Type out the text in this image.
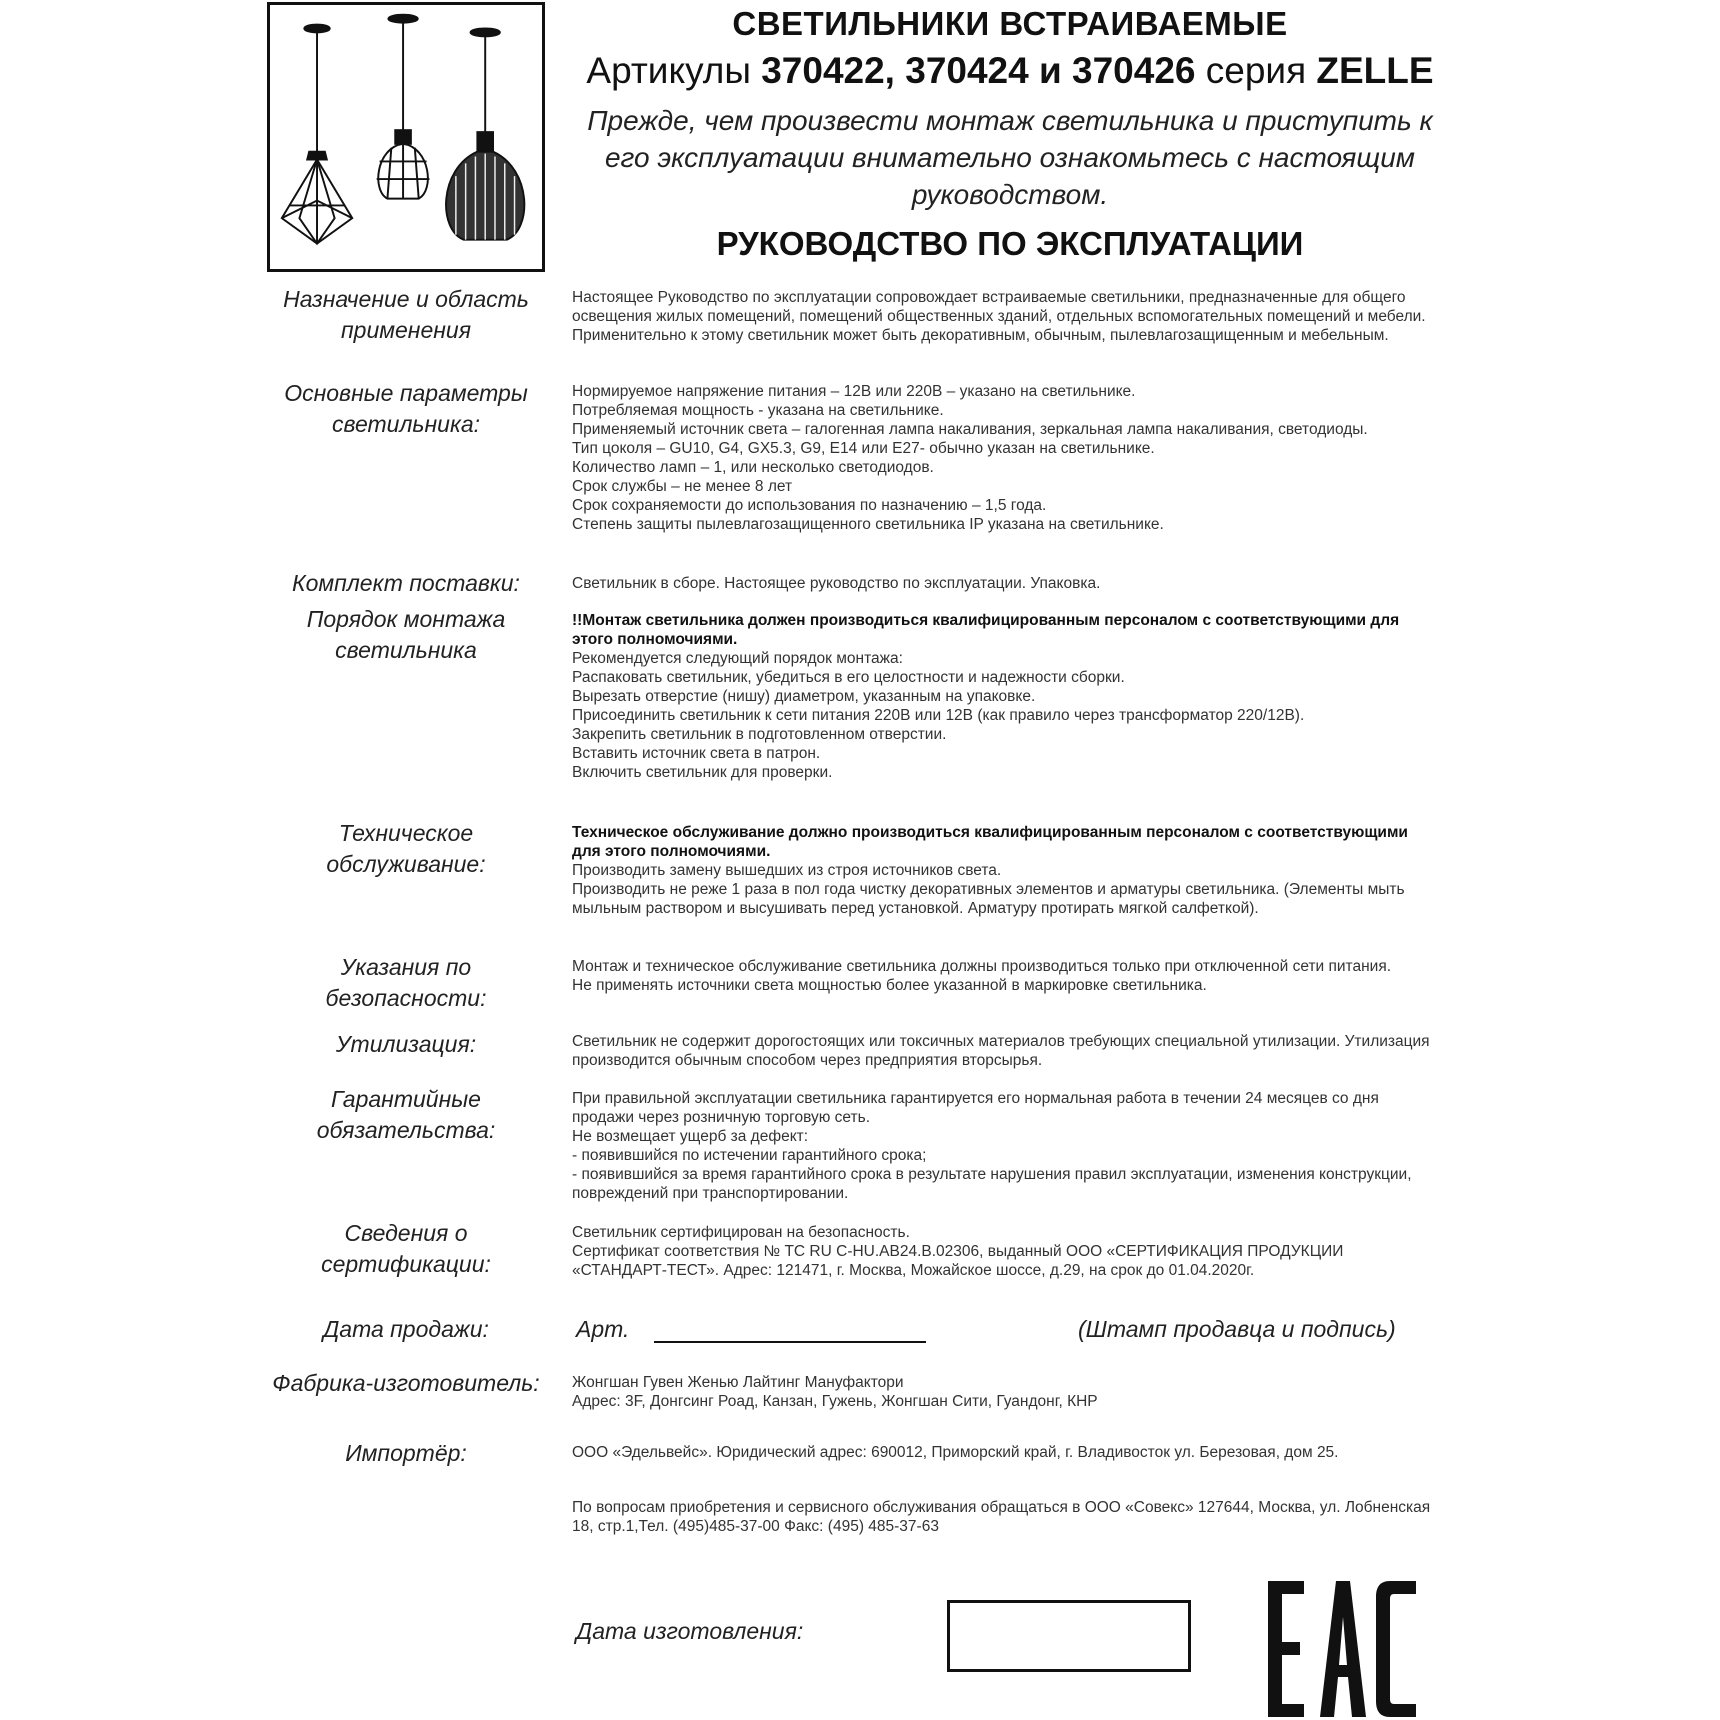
СВЕТИЛЬНИКИ ВСТРАИВАЕМЫЕ
Артикулы 370422, 370424 и 370426 серия ZELLE
Прежде, чем произвести монтаж светильника и приступить к его эксплуатации внимательно ознакомьтесь с настоящим руководством.
РУКОВОДСТВО ПО ЭКСПЛУАТАЦИИ
Назначение и область применения
Настоящее Руководство по эксплуатации сопровождает встраиваемые светильники, предназначенные для общего освещения жилых помещений, помещений общественных зданий, отдельных вспомогательных помещений и мебели. Применительно к этому светильник может быть декоративным, обычным, пылевлагозащищенным и мебельным.
Основные параметры светильника:
Нормируемое напряжение питания – 12В или 220В – указано на светильнике.
Потребляемая мощность - указана на светильнике.
Применяемый источник света – галогенная лампа накаливания, зеркальная лампа накаливания, светодиоды.
Тип цоколя – GU10, G4, GX5.3, G9, E14 или E27- обычно указан на светильнике.
Количество ламп – 1, или несколько светодиодов.
Срок службы – не менее 8 лет
Срок сохраняемости до использования по назначению – 1,5 года.
Степень защиты пылевлагозащищенного светильника IP указана на светильнике.
Комплект поставки:	Светильник в сборе. Настоящее руководство по эксплуатации. Упаковка.
Порядок монтажа светильника
!!Монтаж светильника должен производиться квалифицированным персоналом с соответствующими для этого полномочиями.
Рекомендуется следующий порядок монтажа:
Распаковать светильник, убедиться в его целостности и надежности сборки.
Вырезать отверстие (нишу) диаметром, указанным на упаковке.
Присоединить светильник к сети питания 220В или 12В (как правило через трансформатор 220/12В).
Закрепить светильник в подготовленном отверстии.
Вставить источник света в патрон.
Включить светильник для проверки.
Техническое обслуживание:
Техническое обслуживание должно производиться квалифицированным персоналом с соответствующими для этого полномочиями.
Производить замену вышедших из строя источников света.
Производить не реже 1 раза в пол года чистку декоративных элементов и арматуры светильника. (Элементы мыть мыльным раствором и высушивать перед установкой. Арматуру протирать мягкой салфеткой).
Указания по безопасности:
Монтаж и техническое обслуживание светильника должны производиться только при отключенной сети питания.
Не применять источники света мощностью более указанной в маркировке светильника.
Утилизация:	Светильник не содержит дорогостоящих или токсичных материалов требующих специальной утилизации. Утилизация производится обычным способом через предприятия вторсырья.
Гарантийные обязательства:
При правильной эксплуатации светильника гарантируется его нормальная работа в течении 24 месяцев со дня продажи через розничную торговую сеть.
Не возмещает ущерб за дефект:
- появившийся по истечении гарантийного срока;
- появившийся за время гарантийного срока в результате нарушения правил эксплуатации, изменения конструкции, повреждений при транспортировании.
Сведения о сертификации:
Светильник сертифицирован на безопасность.
Сертификат соответствия № ТС RU C-HU.АВ24.В.02306, выданный ООО «СЕРТИФИКАЦИЯ ПРОДУКЦИИ «СТАНДАРТ-ТЕСТ». Адрес: 121471, г. Москва, Можайское шоссе, д.29, на срок до 01.04.2020г.
Дата продажи:	Арт.	(Штамп продавца и подпись)
Фабрика-изготовитель:	Жонгшан Гувен Женью Лайтинг Мануфактори
Адрес: 3F, Донгсинг Роад, Канзан, Гужень, Жонгшан Сити, Гуандонг, КНР
Импортёр:	ООО «Эдельвейс». Юридический адрес: 690012, Приморский край, г. Владивосток ул. Березовая, дом 25.
По вопросам приобретения и сервисного обслуживания обращаться в ООО «Совекс» 127644, Москва, ул. Лобненская 18, стр.1,Тел. (495)485-37-00 Факс: (495) 485-37-63
Дата изготовления:
